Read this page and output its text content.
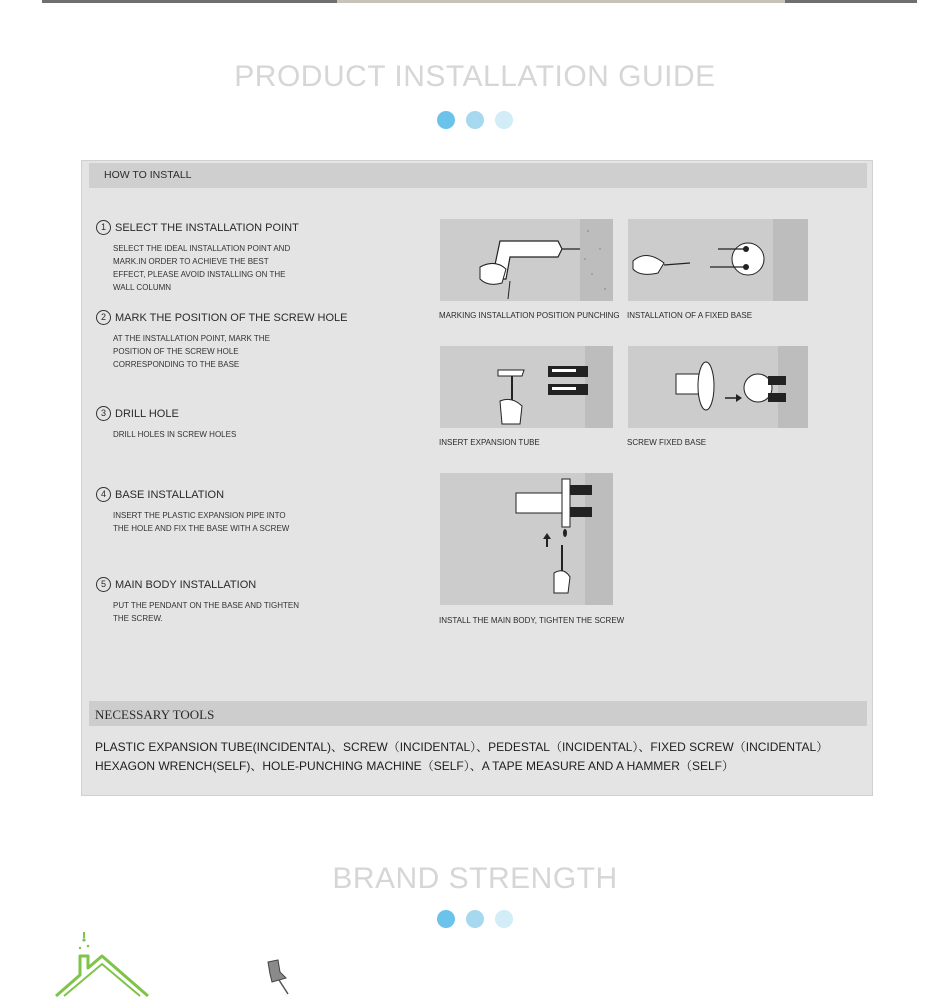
PRODUCT INSTALLATION GUIDE
HOW TO INSTALL
1 SELECT THE INSTALLATION POINT
SELECT THE IDEAL INSTALLATION POINT AND MARK.IN ORDER TO ACHIEVE THE BEST EFFECT, PLEASE AVOID INSTALLING ON THE WALL COLUMN
2 MARK THE POSITION OF THE SCREW HOLE
AT THE INSTALLATION POINT, MARK THE POSITION OF THE SCREW HOLE CORRESPONDING TO THE BASE
3 DRILL HOLE
DRILL HOLES IN SCREW HOLES
4 BASE INSTALLATION
INSERT THE PLASTIC EXPANSION PIPE INTO THE HOLE AND FIX THE BASE WITH A SCREW
5 MAIN BODY INSTALLATION
PUT THE PENDANT ON THE BASE AND TIGHTEN THE SCREW.
MARKING INSTALLATION POSITION PUNCHING INSTALLATION OF A FIXED BASE
INSERT EXPANSION TUBE	SCREW FIXED BASE
INSTALL THE MAIN BODY, TIGHTEN THE SCREW
NECESSARY TOOLS
PLASTIC EXPANSION TUBE(INCIDENTAL)、SCREW（INCIDENTAL）、PEDESTAL（INCIDENTAL）、FIXED SCREW（INCIDENTAL）
HEXAGON WRENCH(SELF)、HOLE-PUNCHING MACHINE（SELF）、A TAPE MEASURE AND A HAMMER（SELF）
BRAND STRENGTH
